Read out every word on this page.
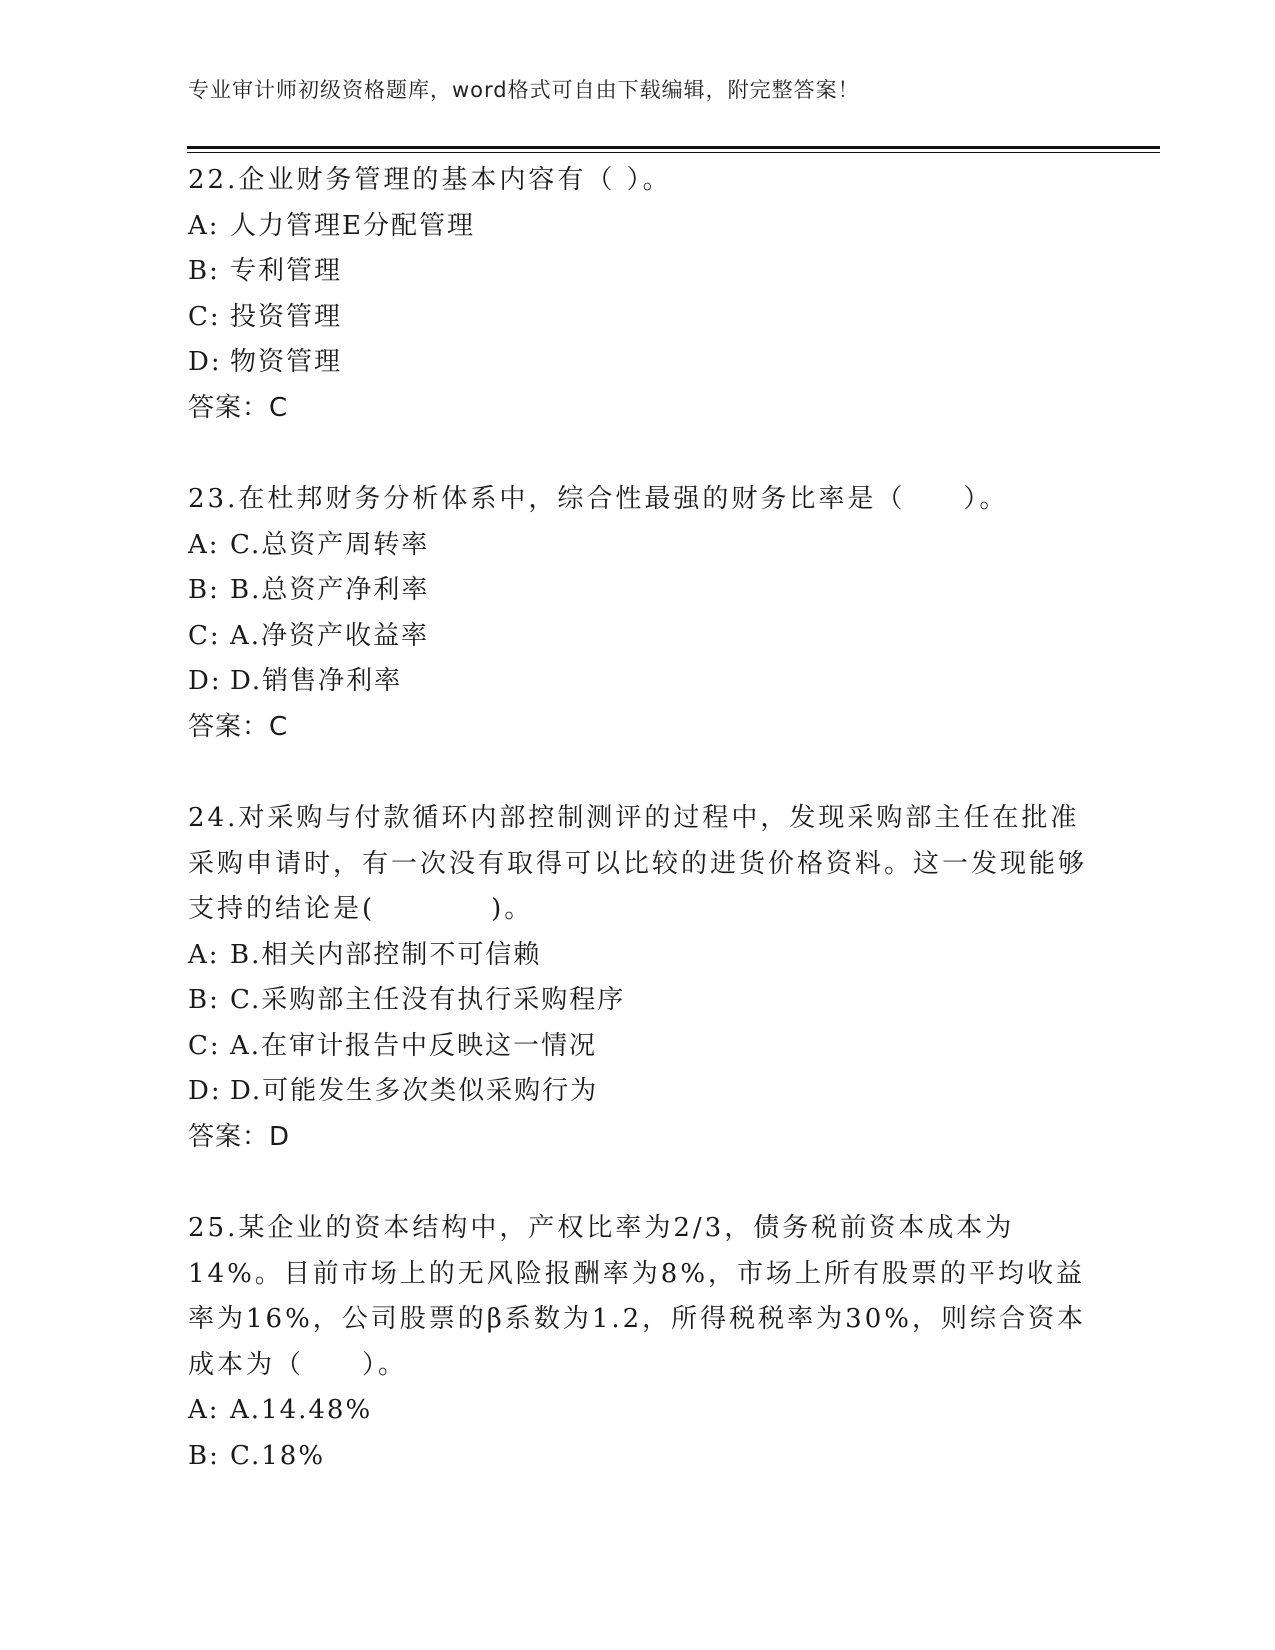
专业审计师初级资格题库，word格式可自由下载编辑，附完整答案！

22.企业财务管理的基本内容有（ ）。

A: 人力管理E分配管理
B: 专利管理
C: 投资管理
D: 物资管理
答案：C

23.在杜邦财务分析体系中，综合性最强的财务比率是（　　）。

A: C.总资产周转率
B: B.总资产净利率
C: A.净资产收益率
D: D.销售净利率
答案：C

24.对采购与付款循环内部控制测评的过程中，发现采购部主任在批准采购申请时，有一次没有取得可以比较的进货价格资料。这一发现能够支持的结论是(　　　　)。

A: B.相关内部控制不可信赖
B: C.采购部主任没有执行采购程序
C: A.在审计报告中反映这一情况
D: D.可能发生多次类似采购行为
答案：D

25.某企业的资本结构中，产权比率为2/3，债务税前资本成本为14%。目前市场上的无风险报酬率为8%，市场上所有股票的平均收益率为16%，公司股票的β系数为1.2，所得税税率为30%，则综合资本成本为（　　）。

A: A.14.48%
B: C.18%
